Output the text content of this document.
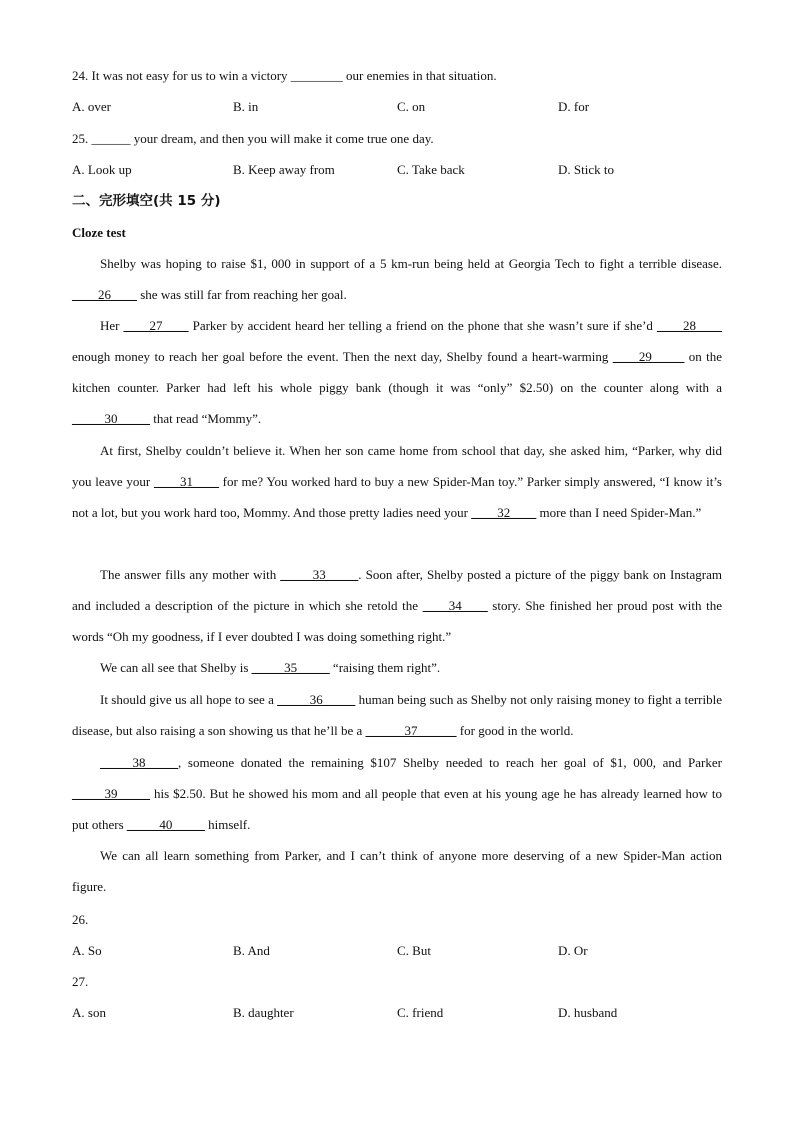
24. It was not easy for us to win a victory ________ our enemies in that situation.
A. over	B. in	C. on	D. for
25. ______ your dream, and then you will make it come true one day.
A. Look up	B. Keep away from	C. Take back	D. Stick to
二、完形填空(共 15 分)
Cloze test
Shelby was hoping to raise $1, 000 in support of a 5 km-run being held at Georgia Tech to fight a terrible disease. ____26____ she was still far from reaching her goal.
Her ____27____ Parker by accident heard her telling a friend on the phone that she wasn’t sure if she’d ____28____ enough money to reach her goal before the event. Then the next day, Shelby found a heart-warming ____29_____ on the kitchen counter. Parker had left his whole piggy bank (though it was “only” $2.50) on the counter along with a _____30_____ that read “Mommy”.
At first, Shelby couldn’t believe it. When her son came home from school that day, she asked him, “Parker, why did you leave your ____31____ for me? You worked hard to buy a new Spider-Man toy.” Parker simply answered, “I know it’s not a lot, but you work hard too, Mommy. And those pretty ladies need your ____32____ more than I need Spider-Man.”
The answer fills any mother with _____33_____. Soon after, Shelby posted a picture of the piggy bank on Instagram and included a description of the picture in which she retold the ____34____ story. She finished her proud post with the words “Oh my goodness, if I ever doubted I was doing something right.”
We can all see that Shelby is _____35_____ “raising them right”.
It should give us all hope to see a _____36_____ human being such as Shelby not only raising money to fight a terrible disease, but also raising a son showing us that he’ll be a ______37______ for good in the world.
_____38_____, someone donated the remaining $107 Shelby needed to reach her goal of $1, 000, and Parker _____39_____ his $2.50. But he showed his mom and all people that even at his young age he has already learned how to put others _____40_____ himself.
We can all learn something from Parker, and I can’t think of anyone more deserving of a new Spider-Man action figure.
26.
A. So	B. And	C. But	D. Or
27.
A. son	B. daughter	C. friend	D. husband
